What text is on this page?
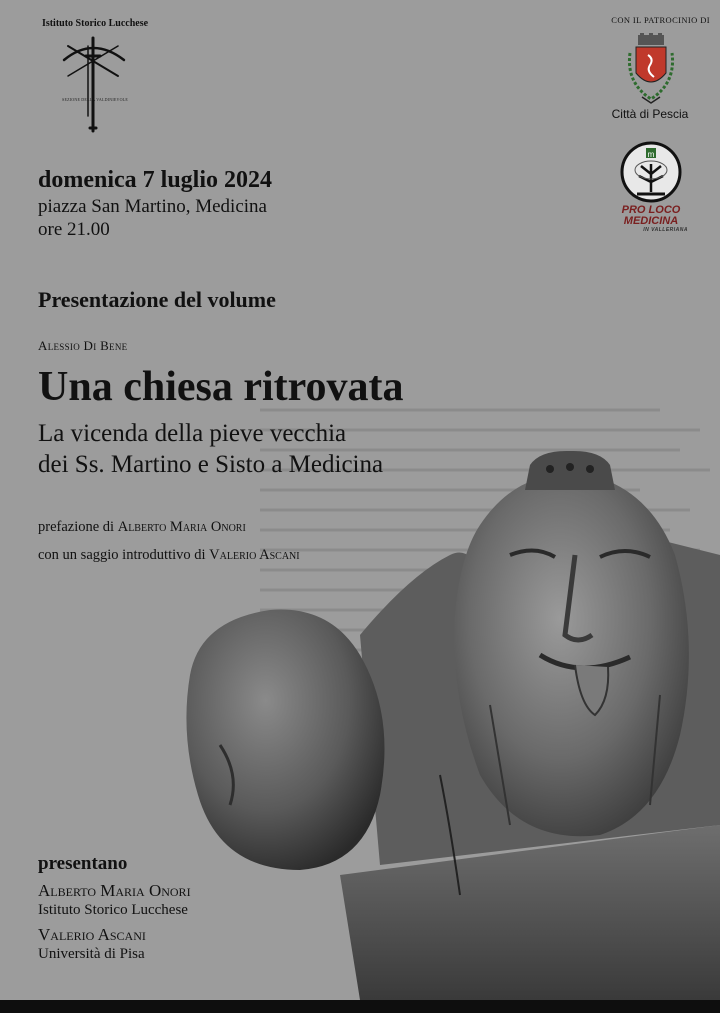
Istituto Storico Lucchese
SEZIONE DELLA VALDINIEVOLE
CON IL PATROCINIO DI
Città di Pescia
m
PRO LOCO
MEDICINA
IN VALLERIANA
domenica 7 luglio 2024
piazza San Martino, Medicina
ore 21.00
Presentazione del volume
Alessio Di Bene
Una chiesa ritrovata
La vicenda della pieve vecchia
dei Ss. Martino e Sisto a Medicina
prefazione di Alberto Maria Onori
con un saggio introduttivo di Valerio Ascani
presentano
Alberto Maria Onori
Istituto Storico Lucchese
Valerio Ascani
Università di Pisa
